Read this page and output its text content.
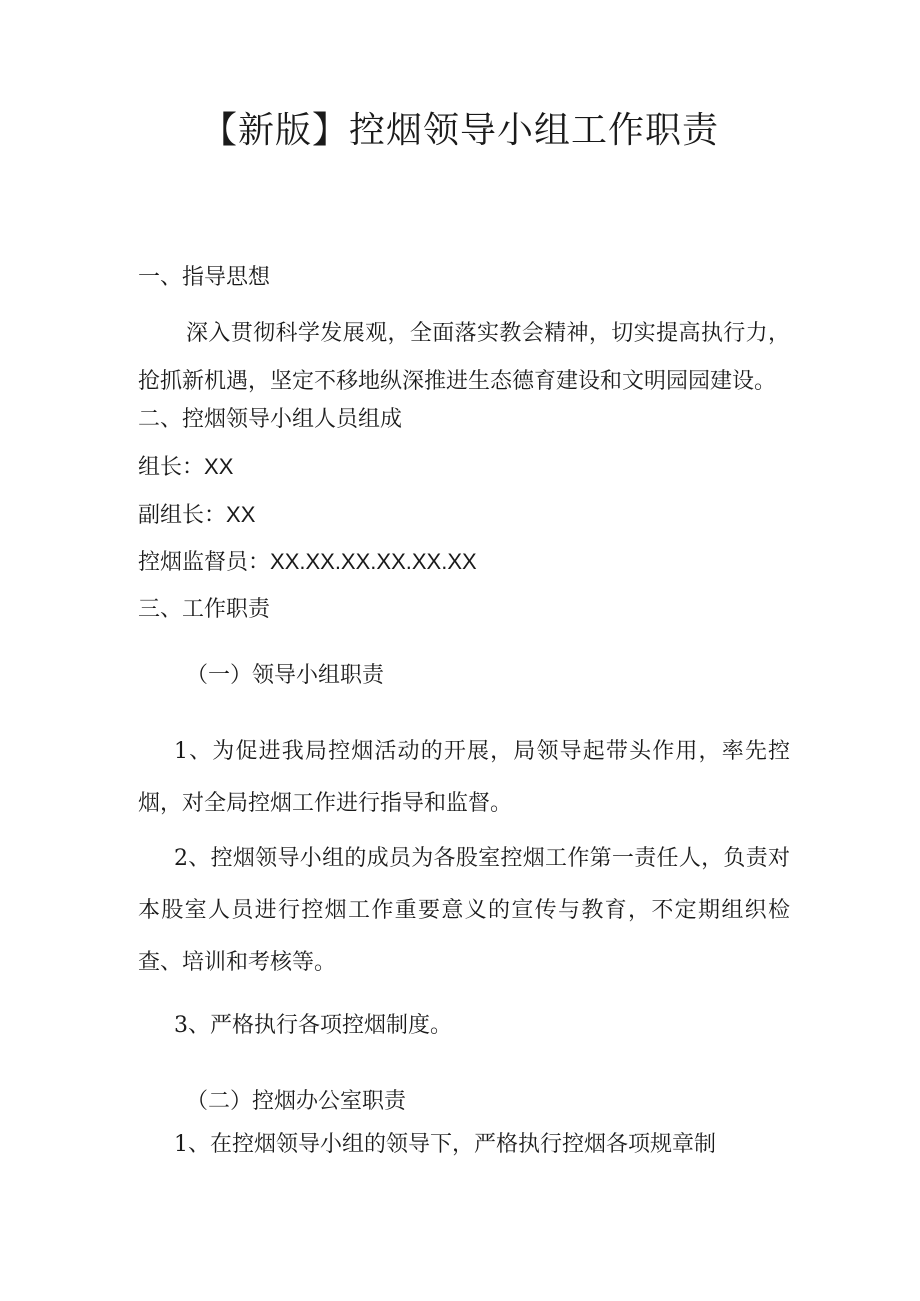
【新版】控烟领导小组工作职责

一、指导思想

深入贯彻科学发展观，全面落实教会精神，切实提高执行力，抢抓新机遇，坚定不移地纵深推进生态德育建设和文明园园建设。

二、控烟领导小组人员组成

组长：XX

副组长：XX

控烟监督员：XX.XX.XX.XX.XX.XX

三、工作职责

（一）领导小组职责

1、为促进我局控烟活动的开展，局领导起带头作用，率先控烟，对全局控烟工作进行指导和监督。

2、控烟领导小组的成员为各股室控烟工作第一责任人，负责对本股室人员进行控烟工作重要意义的宣传与教育，不定期组织检查、培训和考核等。

3、严格执行各项控烟制度。

（二）控烟办公室职责

1、在控烟领导小组的领导下，严格执行控烟各项规章制
